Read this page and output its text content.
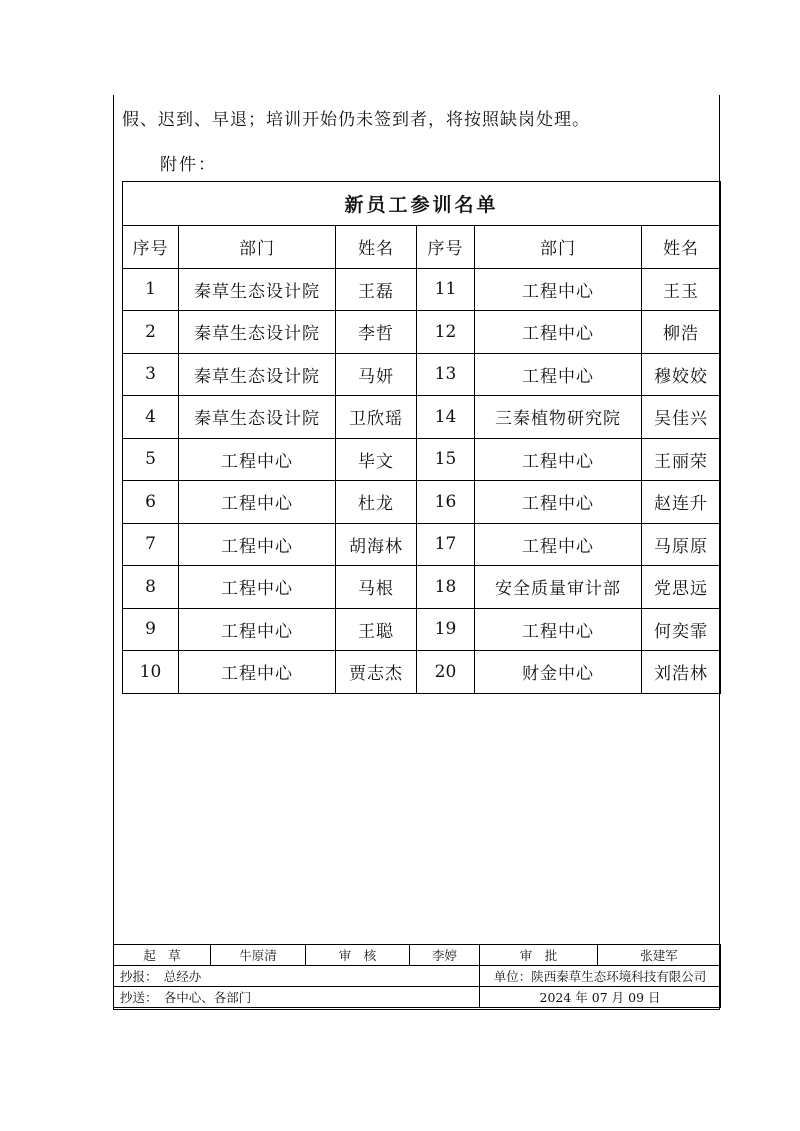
假、迟到、早退；培训开始仍未签到者，将按照缺岗处理。
附件：
新员工参训名单					
序号	部门	姓名	序号	部门	姓名
1	秦草生态设计院	王磊	11	工程中心	王玉
2	秦草生态设计院	李哲	12	工程中心	柳浩
3	秦草生态设计院	马妍	13	工程中心	穆姣姣
4	秦草生态设计院	卫欣瑶	14	三秦植物研究院	吴佳兴
5	工程中心	毕文	15	工程中心	王丽荣
6	工程中心	杜龙	16	工程中心	赵连升
7	工程中心	胡海林	17	工程中心	马原原
8	工程中心	马根	18	安全质量审计部	党思远
9	工程中心	王聪	19	工程中心	何奕霏
10	工程中心	贾志杰	20	财金中心	刘浩林
起　草	牛原清	审　核	李婷	审　批	张建军
抄报：　总经办				单位：陕西秦草生态环境科技有限公司	
抄送：　各中心、各部门				2024 年 07 月 09 日	
